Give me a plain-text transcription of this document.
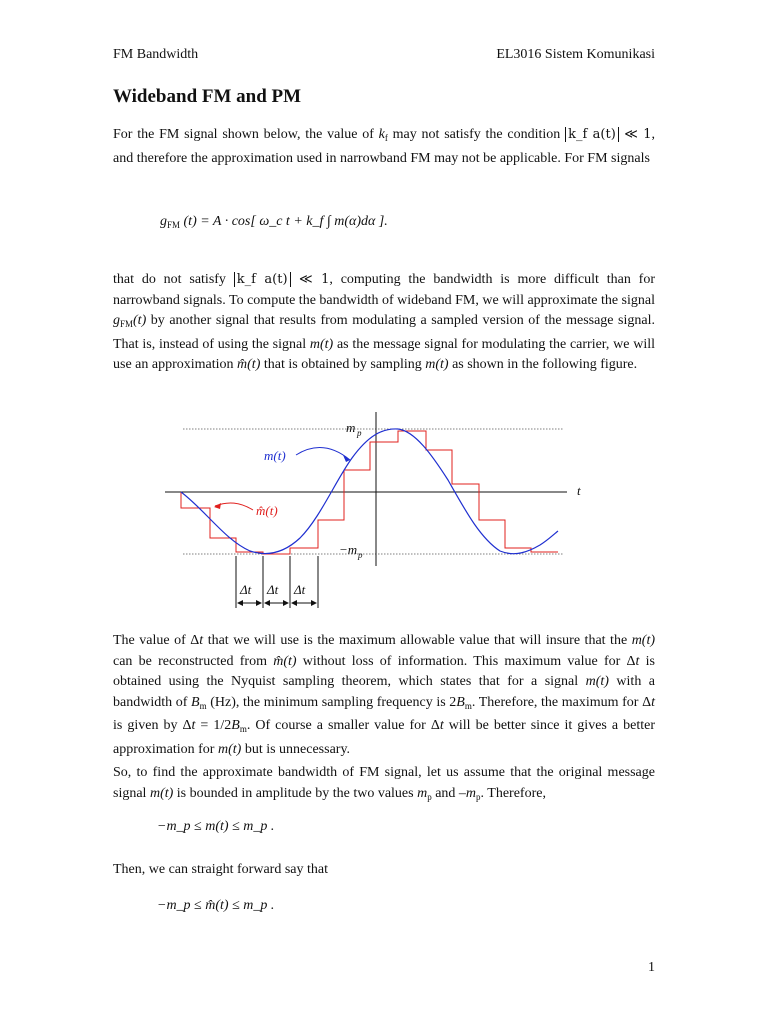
FM Bandwidth	EL3016 Sistem Komunikasi
Wideband FM and PM
For the FM signal shown below, the value of $k_f$ may not satisfy the condition k_f a(t) ≪ 1, and therefore the approximation used in narrowband FM may not be applicable. For FM signals
$g_{FM}$ (t) = A · cos[ ω_c t + k_f ∫ m(α)dα ].
that do not satisfy k_f a(t) ≪ 1, computing the bandwidth is more difficult than for narrowband signals. To compute the bandwidth of wideband FM, we will approximate the signal $g_{FM}(t)$ by another signal that results from modulating a sampled version of the message signal. That is, instead of using the signal m(t) as the message signal for modulating the carrier, we will use an approximation m̂(t) that is obtained by sampling m(t) as shown in the following figure.
m p
−m p
m(t)
m̂(t)
t
Δt Δt Δt
The value of Δt that we will use is the maximum allowable value that will insure that the m(t) can be reconstructed from m̂(t) without loss of information. This maximum value for Δt is obtained using the Nyquist sampling theorem, which states that for a signal m(t) with a bandwidth of $B_m$ (Hz), the minimum sampling frequency is $2B_m$. Therefore, the maximum for Δt is given by $\Delta t = 1/2B_m$. Of course a smaller value for Δt will be better since it gives a better approximation for m(t) but is unnecessary.
So, to find the approximate bandwidth of FM signal, let us assume that the original message signal m(t) is bounded in amplitude by the two values $m_p$ and $-m_p$. Therefore,
−m_p ≤ m(t) ≤ m_p .
Then, we can straight forward say that
−m_p ≤ m̂(t) ≤ m_p .
1
